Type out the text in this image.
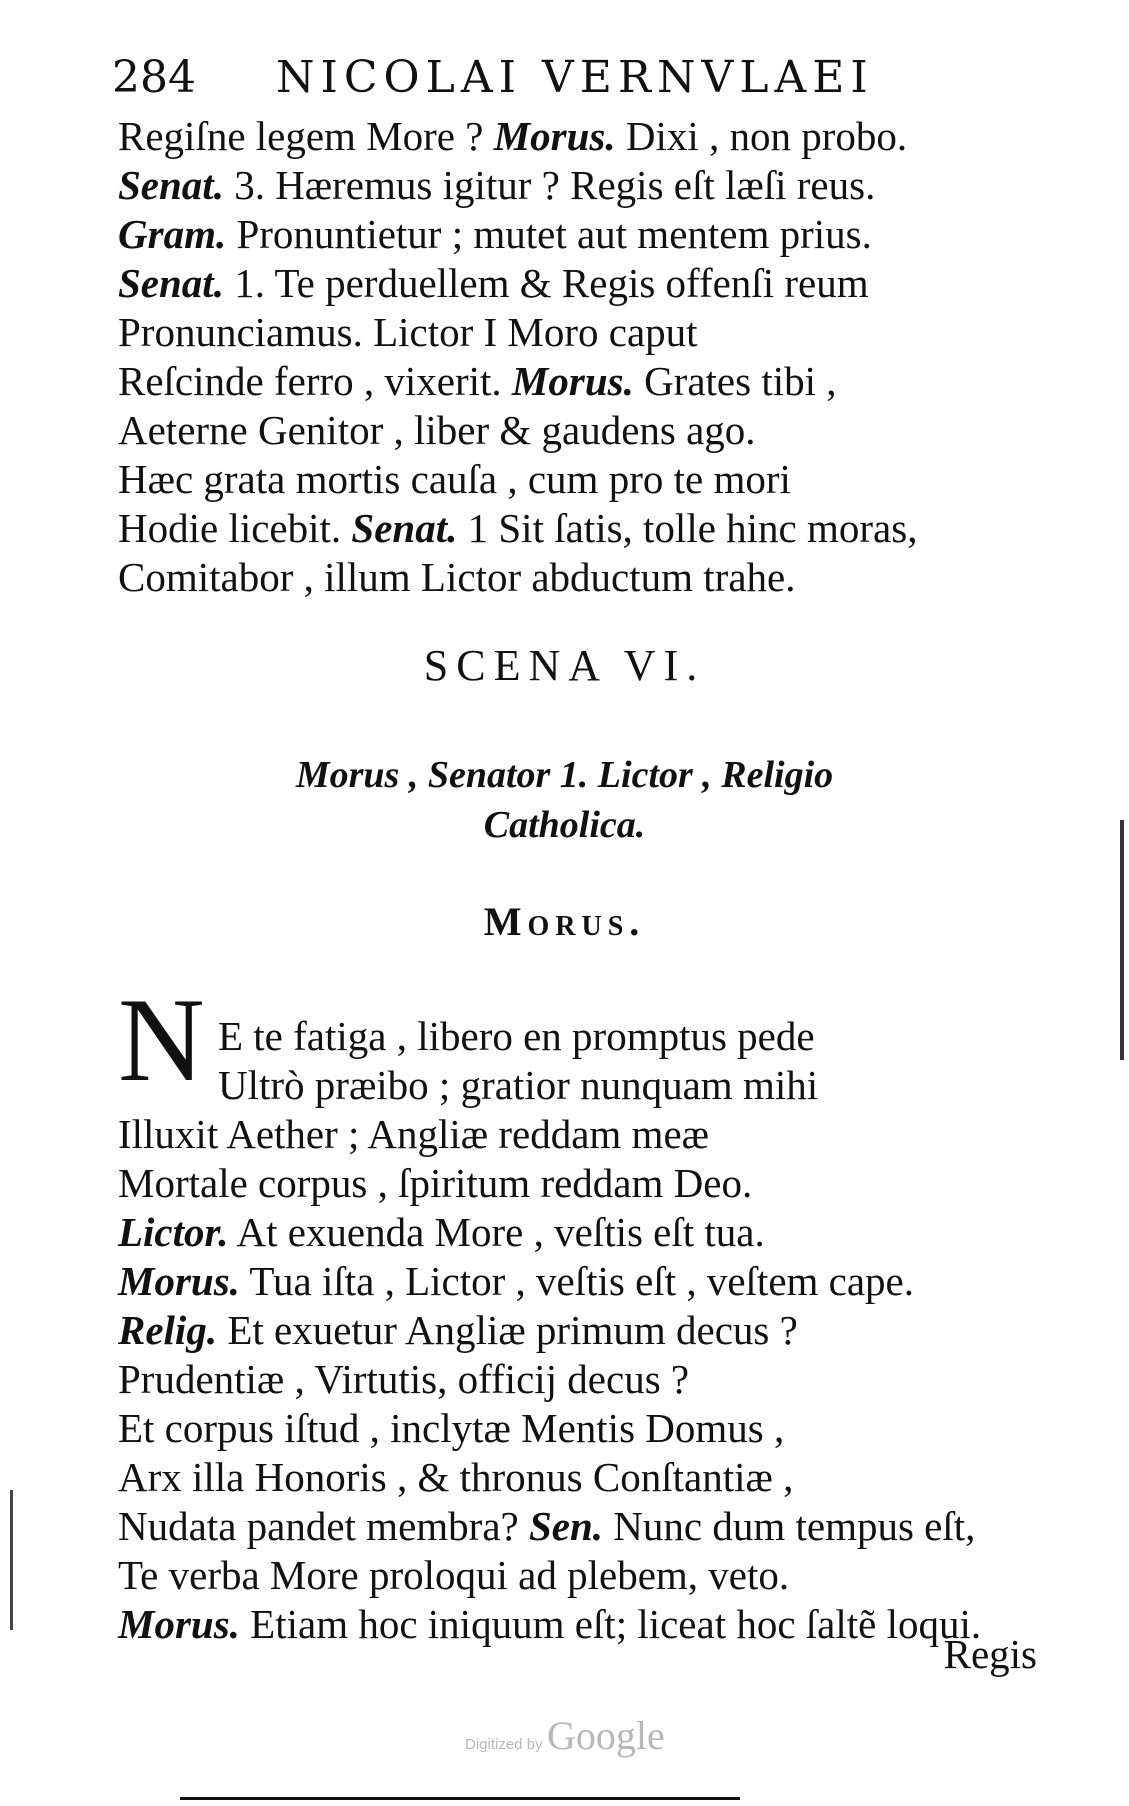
284 NICOLAI VERNVLAEI
Regiſne legem More ? Morus. Dixi , non probo.
Senat. 3. Hæremus igitur ? Regis eſt læſi reus.
Gram. Pronuntietur ; mutet aut mentem prius.
Senat. 1. Te perduellem & Regis offenſi reum
Pronunciamus. Lictor I Moro caput
Reſcinde ferro , vixerit. Morus. Grates tibi ,
Aeterne Genitor , liber & gaudens ago.
Hæc grata mortis cauſa , cum pro te mori
Hodie licebit. Senat. 1 Sit ſatis, tolle hinc moras,
Comitabor , illum Lictor abductum trahe.
SCENA VI.
Morus , Senator 1. Lictor , Religio
Catholica.
Morus.
N E te fatiga , libero en promptus pede
Ultrò præibo ; gratior nunquam mihi
Illuxit Aether ; Angliæ reddam meæ
Mortale corpus , ſpiritum reddam Deo.
Lictor. At exuenda More , veſtis eſt tua.
Morus. Tua iſta , Lictor , veſtis eſt , veſtem cape.
Relig. Et exuetur Angliæ primum decus ?
Prudentiæ , Virtutis, officij decus ?
Et corpus iſtud , inclytæ Mentis Domus ,
Arx illa Honoris , & thronus Conſtantiæ ,
Nudata pandet membra? Sen. Nunc dum tempus eſt,
Te verba More proloqui ad plebem, veto.
Morus. Etiam hoc iniquum eſt; liceat hoc ſaltẽ loqui.
Regis
Digitized by Google
